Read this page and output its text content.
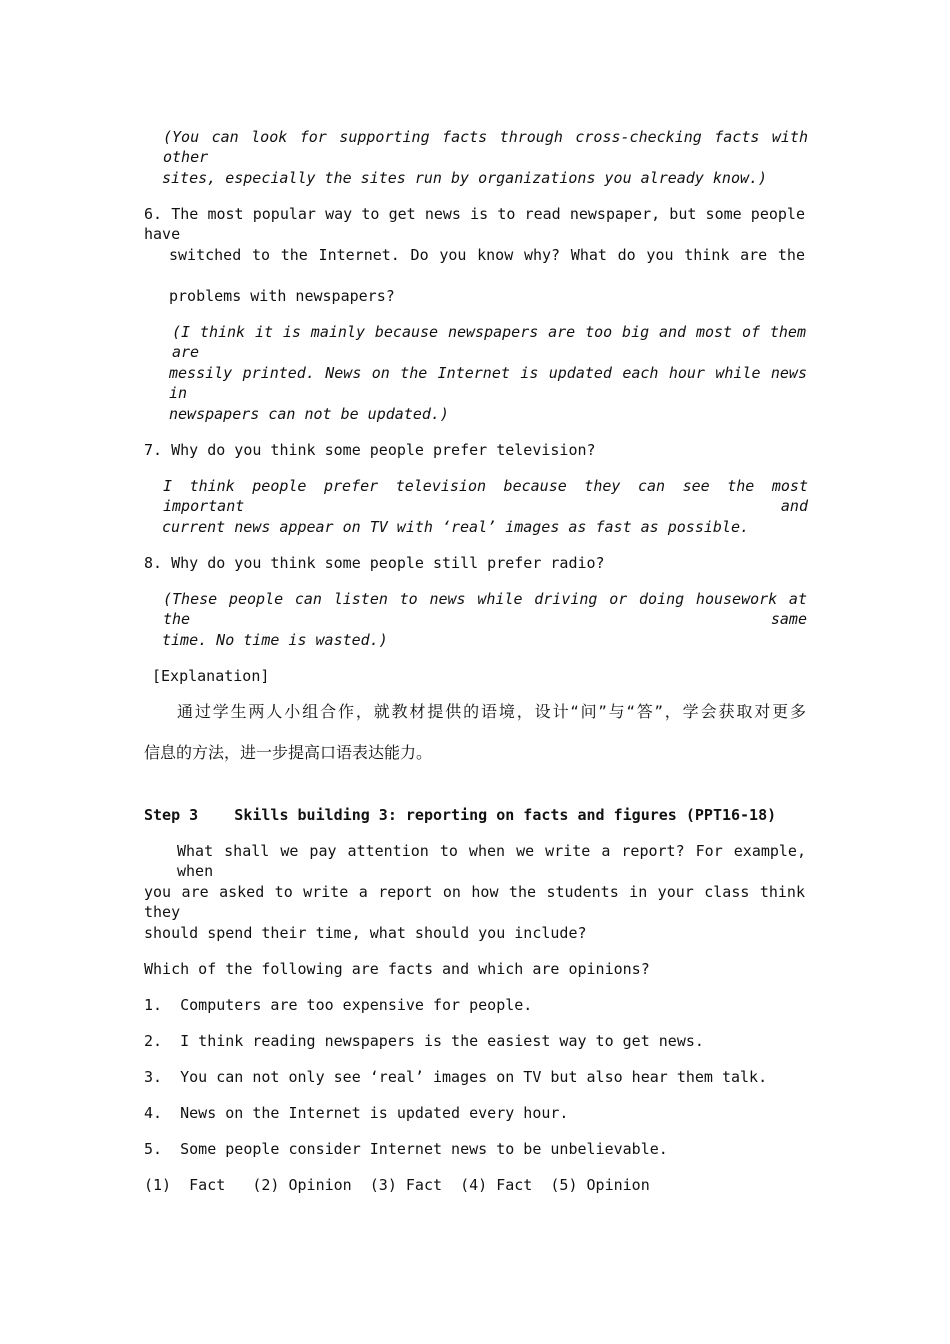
(You can look for supporting facts through cross-checking facts with other
sites, especially the sites run by organizations you already know.)
6. The most popular way to get news is to read newspaper, but some people have
switched to the Internet. Do you know why? What do you think are the
problems with newspapers?
(I think it is mainly because newspapers are too big and most of them are
messily printed. News on the Internet is updated each hour while news in
newspapers can not be updated.)
7. Why do you think some people prefer television?
I think people prefer television because they can see the most important and
current news appear on TV with ‘real’ images as fast as possible.
8. Why do you think some people still prefer radio?
(These people can listen to news while driving or doing housework at the same
time. No time is wasted.)
[Explanation]
通过学生两人小组合作，就教材提供的语境，设计“问”与“答”，学会获取对更多
信息的方法，进一步提高口语表达能力。
Step 3    Skills building 3: reporting on facts and figures (PPT16-18)
What shall we pay attention to when we write a report? For example, when
you are asked to write a report on how the students in your class think they
should spend their time, what should you include?
Which of the following are facts and which are opinions?
1.  Computers are too expensive for people.
2.  I think reading newspapers is the easiest way to get news.
3.  You can not only see ‘real’ images on TV but also hear them talk.
4.  News on the Internet is updated every hour.
5.  Some people consider Internet news to be unbelievable.
(1)  Fact   (2) Opinion  (3) Fact  (4) Fact  (5) Opinion
